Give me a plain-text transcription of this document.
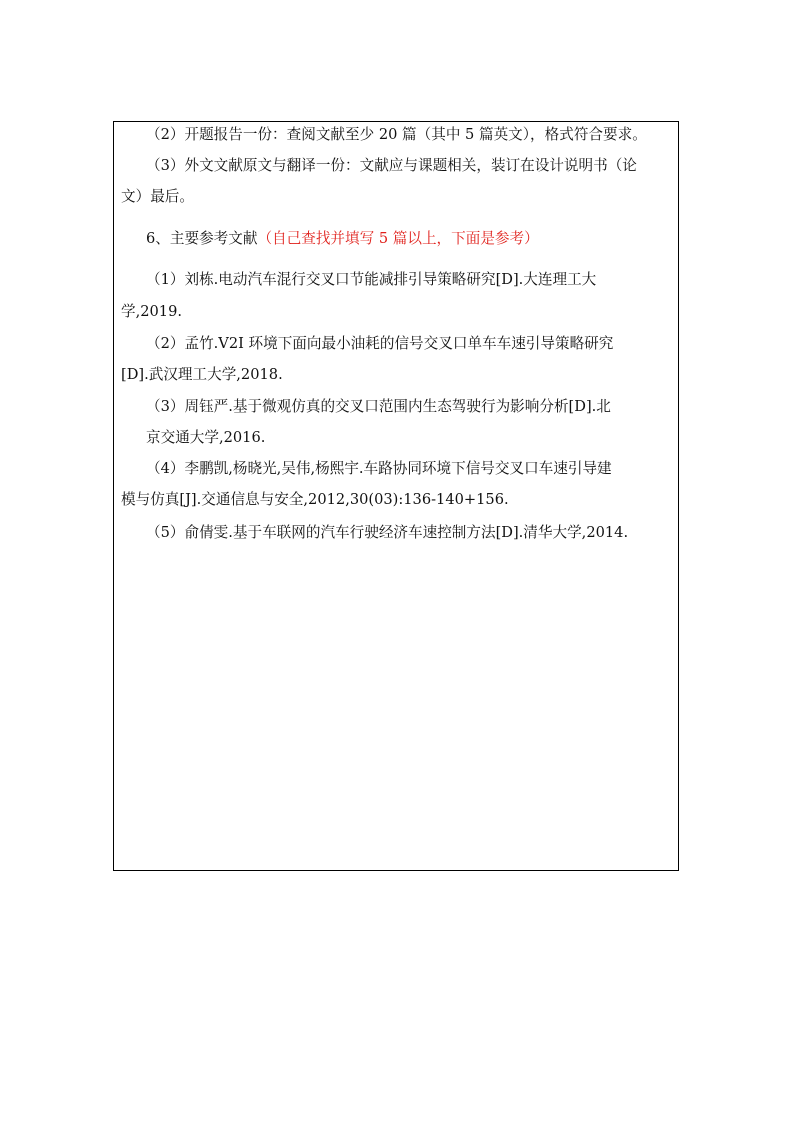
（2）开题报告一份：查阅文献至少 20 篇（其中 5 篇英文），格式符合要求。
（3）外文文献原文与翻译一份：文献应与课题相关，装订在设计说明书（论
文）最后。
6、主要参考文献（自己查找并填写 5 篇以上，下面是参考）
（1）刘栋.电动汽车混行交叉口节能减排引导策略研究[D].大连理工大
学,2019.
（2）孟竹.V2I 环境下面向最小油耗的信号交叉口单车车速引导策略研究
[D].武汉理工大学,2018.
（3）周钰严.基于微观仿真的交叉口范围内生态驾驶行为影响分析[D].北
京交通大学,2016.
（4）李鹏凯,杨晓光,吴伟,杨熙宇.车路协同环境下信号交叉口车速引导建
模与仿真[J].交通信息与安全,2012,30(03):136-140+156.
（5）俞倩雯.基于车联网的汽车行驶经济车速控制方法[D].清华大学,2014.
